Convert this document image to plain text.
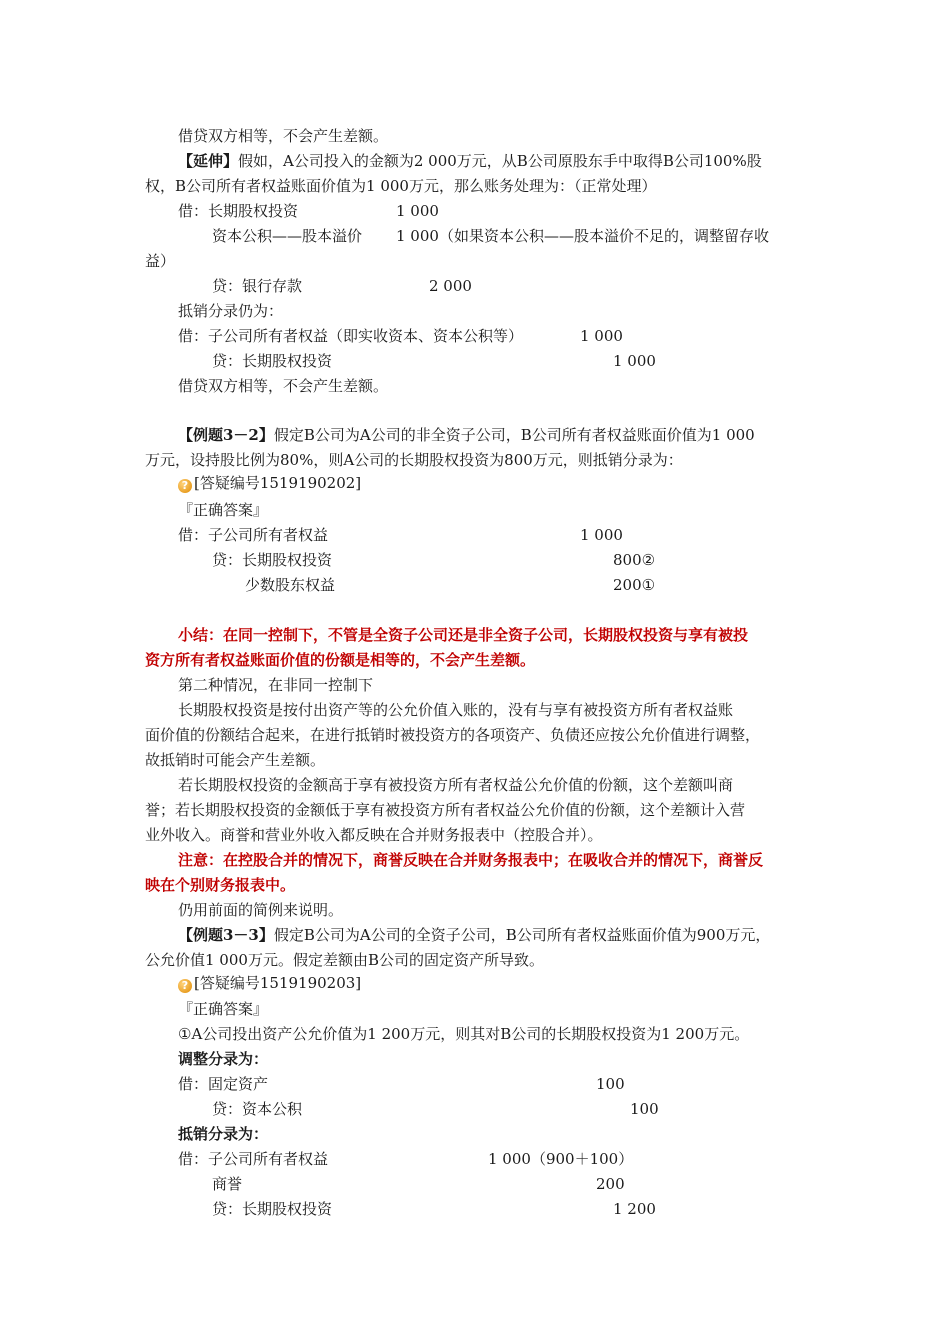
借贷双方相等，不会产生差额。
【延伸】假如，A公司投入的金额为2 000万元，从B公司原股东手中取得B公司100%股
权，B公司所有者权益账面价值为1 000万元，那么账务处理为：（正常处理）
借：长期股权投资	1 000
资本公积——股本溢价 1 000（如果资本公积——股本溢价不足的，调整留存收
益）
贷：银行存款	2 000
抵销分录仍为：
借：子公司所有者权益（即实收资本、资本公积等）	1 000
贷：长期股权投资	1 000
借贷双方相等，不会产生差额。
【例题3－2】假定B公司为A公司的非全资子公司，B公司所有者权益账面价值为1 000
万元，设持股比例为80%，则A公司的长期股权投资为800万元，则抵销分录为：
? [答疑编号1519190202]
『正确答案』
借：子公司所有者权益	1 000
贷：长期股权投资	800②
少数股东权益	200①
小结：在同一控制下，不管是全资子公司还是非全资子公司，长期股权投资与享有被投
资方所有者权益账面价值的份额是相等的，不会产生差额。
第二种情况，在非同一控制下
长期股权投资是按付出资产等的公允价值入账的，没有与享有被投资方所有者权益账
面价值的份额结合起来，在进行抵销时被投资方的各项资产、负债还应按公允价值进行调整，
故抵销时可能会产生差额。
若长期股权投资的金额高于享有被投资方所有者权益公允价值的份额，这个差额叫商
誉；若长期股权投资的金额低于享有被投资方所有者权益公允价值的份额，这个差额计入营
业外收入。商誉和营业外收入都反映在合并财务报表中（控股合并）。
注意：在控股合并的情况下，商誉反映在合并财务报表中；在吸收合并的情况下，商誉反
映在个别财务报表中。
仍用前面的简例来说明。
【例题3－3】假定B公司为A公司的全资子公司，B公司所有者权益账面价值为900万元，
公允价值1 000万元。假定差额由B公司的固定资产所导致。
? [答疑编号1519190203]
『正确答案』
①A公司投出资产公允价值为1 200万元，则其对B公司的长期股权投资为1 200万元。
调整分录为：
借：固定资产	100
贷：资本公积	100
抵销分录为：
借：子公司所有者权益	1 000（900＋100）
商誉	200
贷：长期股权投资	1 200
